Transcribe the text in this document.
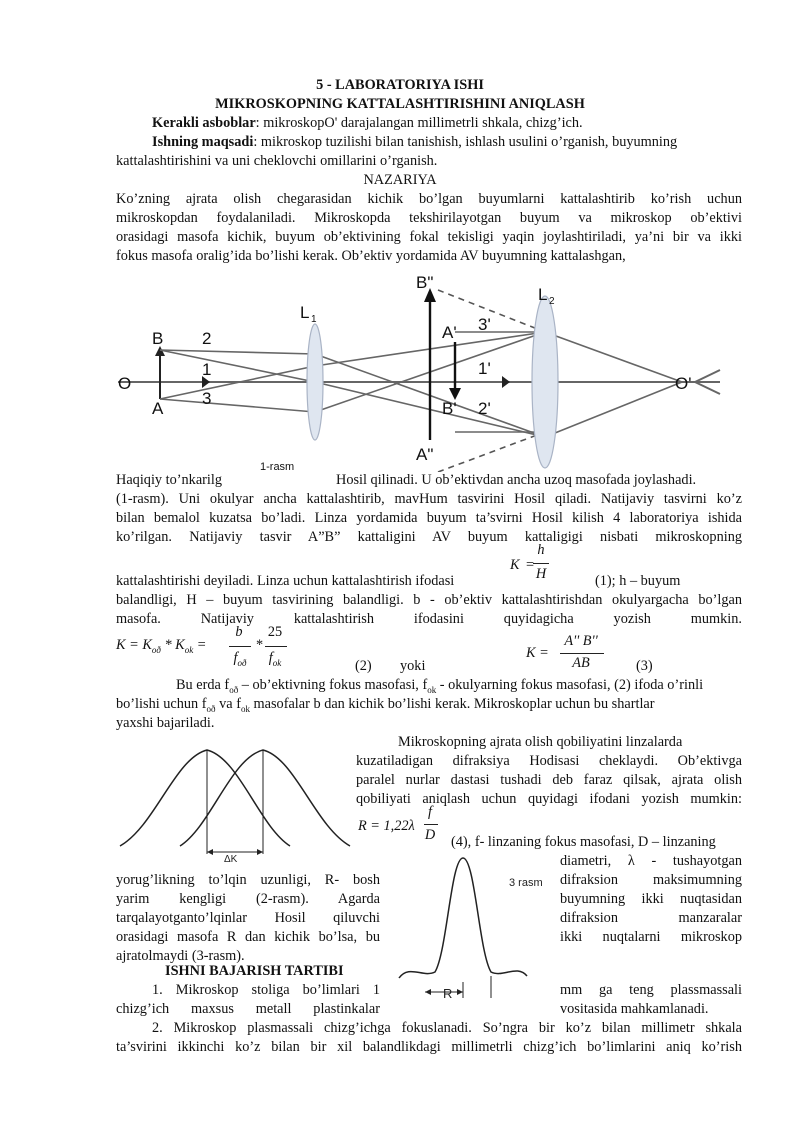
5 - LABORATORIYA ISHI
MIKROSKOPNING KATTALASHTIRISHINI ANIQLASH
Kerakli asboblar: mikroskopO' darajalangan millimetrli shkala, chizg’ich.
Ishning maqsadi: mikroskop tuzilishi bilan tanishish, ishlash usulini o’rganish, buyumning
kattalashtirishini va uni cheklovchi omillarini o’rganish.
NAZARIYA
Ko’zning ajrata olish chegarasidan kichik bo’lgan buyumlarni kattalashtirib ko’rish uchun
mikroskopdan foydalaniladi. Mikroskopda tekshirilayotgan buyum va mikroskop ob’ektivi
orasidagi masofa kichik, buyum ob’ektivining fokal tekisligi yaqin joylashtiriladi, ya’ni bir va ikki
fokus masofa oralig’ida bo’lishi kerak. Ob’ektiv yordamida AV buyumning kattalashgan,
B
A
O
L 1
L 2
2
1
3
B"
A"
A'
B'
3'
1'
2'
O'
1-rasm
Haqiqiy to’nkarilg	Hosil qilinadi. U ob’ektivdan ancha uzoq masofada joylashadi.
(1-rasm). Uni okulyar ancha kattalashtirib, mavHum tasvirini Hosil qiladi. Natijaviy tasvirni ko’z
bilan bemalol kuzatsa bo’ladi. Linza yordamida buyum ta’svirni Hosil kilish 4 laboratoriya ishida
ko’rilgan. Natijaviy tasvir A”B” kattaligini AV buyum kattaligigi nisbati mikroskopning
K =
h
H
kattalashtirishi deyiladi. Linza uchun kattalashtirish ifodasi	(1); h – buyum
balandligi, H – buyum tasvirining balandligi. b - ob’ektiv kattalashtirishdan okulyargacha bo’lgan
masofa. Natijaviy kattalashtirish ifodasini quyidagicha yozish mumkin.
$K = K_{oð} * K_{ok}$ =
b
$f_{oð}$
*
25
$f_{ok}$	(2) yoki
K =
A'' B''
AB	(3)
Bu erda $f_{oð}$ – ob’ektivning fokus masofasi, $f_{ok}$ - okulyarning fokus masofasi, (2) ifoda o’rinli
bo’lishi uchun $f_{oð}$ va $f_{ok}$ masofalar b dan kichik bo’lishi kerak. Mikroskoplar uchun bu shartlar
yaxshi bajariladi.
ΔK
Mikroskopning ajrata olish qobiliyatini linzalarda
kuzatiladigan difraksiya Hodisasi cheklaydi. Ob’ektivga
paralel nurlar dastasi tushadi deb faraz qilsak, ajrata olish
qobiliyati aniqlash uchun quyidagi ifodani yozish mumkin:
R = 1,22λ
f
D (4), f- linzaning fokus masofasi, D – linzaning
diametri, λ - tushayotgan
difraksion maksimumning
buyumning ikki nuqtasidan
difraksion manzaralar
ikki nuqtalarni mikroskop
mm ga teng plassmassali
vositasida mahkamlanadi.
R
3 rasm
yorug’likning to’lqin uzunligi, R- bosh
yarim kengligi (2-rasm). Agarda
tarqalayotganto’lqinlar Hosil qiluvchi
orasidagi masofa R dan kichik bo’lsa, bu
ajratolmaydi (3-rasm).
ISHNI BAJARISH TARTIBI
1. Mikroskop stoliga bo’limlari 1
chizg’ich maxsus metall plastinkalar
2. Mikroskop plasmassali chizg’ichga fokuslanadi. So’ngra bir ko’z bilan millimetr shkala
ta’svirini ikkinchi ko’z bilan bir xil balandlikdagi millimetrli chizg’ich bo’limlarini aniq ko’rish
